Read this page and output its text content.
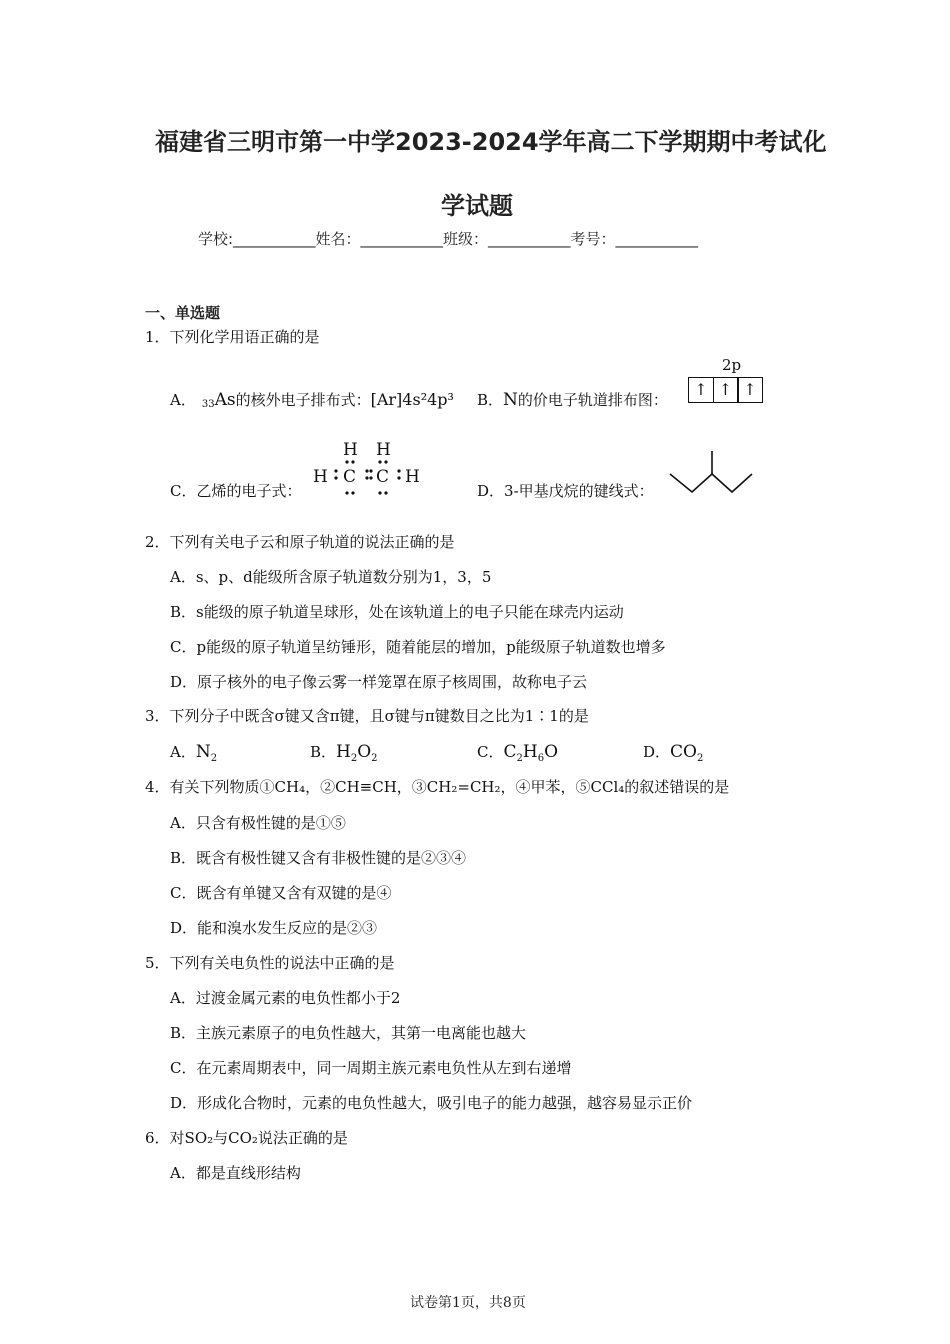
福建省三明市第一中学2023-2024学年高二下学期期中考试化
学试题
学校:___________姓名：___________班级：___________考号：___________
一、单选题
1．下列化学用语正确的是
A． 33As的核外电子排布式：[Ar]4s²4p³ B．N的价电子轨道排布图：
2p
↑ ↑ ↑
C．乙烯的电子式：
H H
H C C H
D．3-甲基戊烷的键线式：
2．下列有关电子云和原子轨道的说法正确的是
A．s、p、d能级所含原子轨道数分别为1，3，5
B．s能级的原子轨道呈球形，处在该轨道上的电子只能在球壳内运动
C．p能级的原子轨道呈纺锤形，随着能层的增加，p能级原子轨道数也增多
D．原子核外的电子像云雾一样笼罩在原子核周围，故称电子云
3．下列分子中既含σ键又含π键，且σ键与π键数目之比为1∶1的是
A．$N_2$	B．$H_2O_2$	C．$C_2H_6O$	D．$CO_2$
4．有关下列物质①CH₄，②CH≡CH，③CH₂=CH₂，④甲苯，⑤CCl₄的叙述错误的是
A．只含有极性键的是①⑤
B．既含有极性键又含有非极性键的是②③④
C．既含有单键又含有双键的是④
D．能和溴水发生反应的是②③
5．下列有关电负性的说法中正确的是
A．过渡金属元素的电负性都小于2
B．主族元素原子的电负性越大，其第一电离能也越大
C．在元素周期表中，同一周期主族元素电负性从左到右递增
D．形成化合物时，元素的电负性越大，吸引电子的能力越强，越容易显示正价
6．对SO₂与CO₂说法正确的是
A．都是直线形结构
试卷第1页，共8页
